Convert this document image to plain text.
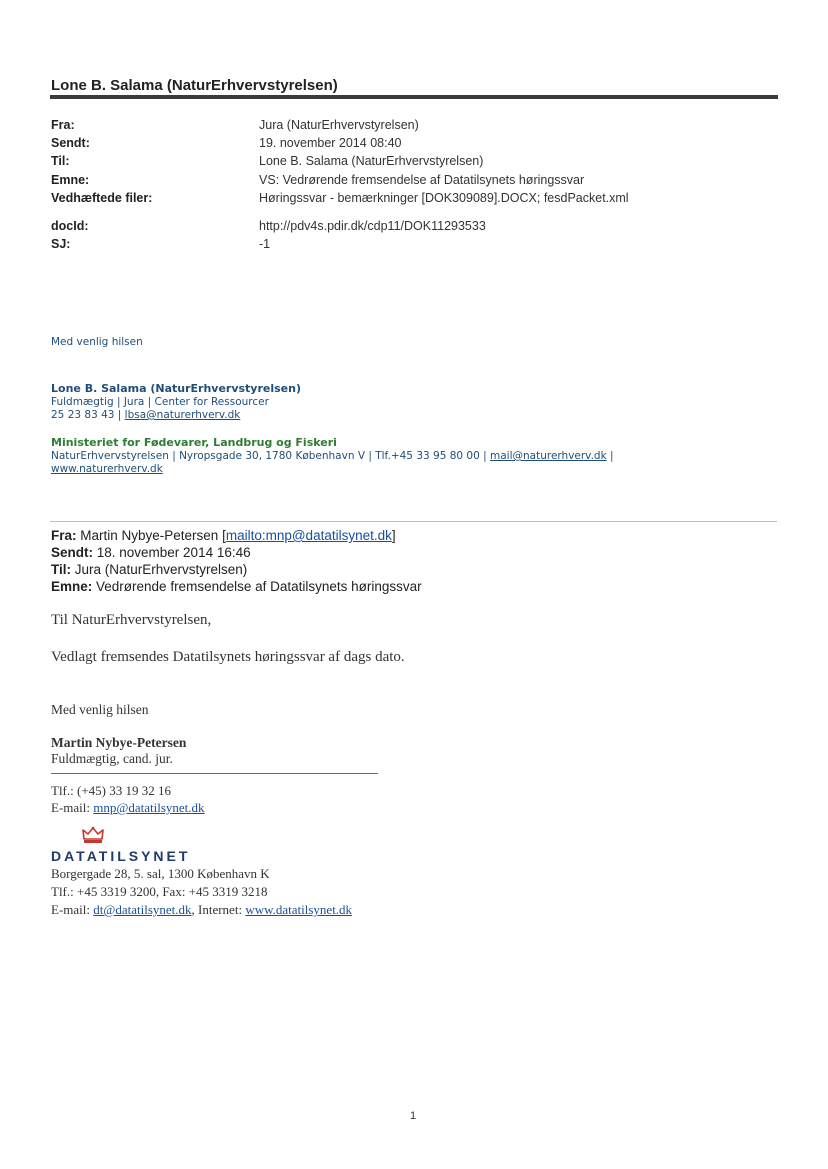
Lone B. Salama (NaturErhvervstyrelsen)
Fra:	Jura (NaturErhvervstyrelsen)
Sendt:	19. november 2014 08:40
Til:	Lone B. Salama (NaturErhvervstyrelsen)
Emne:	VS: Vedrørende fremsendelse af Datatilsynets høringssvar
Vedhæftede filer:	Høringssvar - bemærkninger [DOK309089].DOCX; fesdPacket.xml
docId:	http://pdv4s.pdir.dk/cdp11/DOK11293533
SJ:	-1
Med venlig hilsen
Lone B. Salama (NaturErhvervstyrelsen)
Fuldmægtig | Jura | Center for Ressourcer
25 23 83 43 | lbsa@naturerhverv.dk
Ministeriet for Fødevarer, Landbrug og Fiskeri
NaturErhvervstyrelsen | Nyropsgade 30, 1780 København V | Tlf.+45 33 95 80 00 | mail@naturerhverv.dk |
www.naturerhverv.dk
Fra: Martin Nybye-Petersen [mailto:mnp@datatilsynet.dk]
Sendt: 18. november 2014 16:46
Til: Jura (NaturErhvervstyrelsen)
Emne: Vedrørende fremsendelse af Datatilsynets høringssvar
Til NaturErhvervstyrelsen,
Vedlagt fremsendes Datatilsynets høringssvar af dags dato.
Med venlig hilsen
Martin Nybye-Petersen
Fuldmægtig, cand. jur.
Tlf.: (+45) 33 19 32 16
E-mail: mnp@datatilsynet.dk
DATATILSYNET
Borgergade 28, 5. sal, 1300 København K
Tlf.: +45 3319 3200, Fax: +45 3319 3218
E-mail: dt@datatilsynet.dk, Internet: www.datatilsynet.dk
1
